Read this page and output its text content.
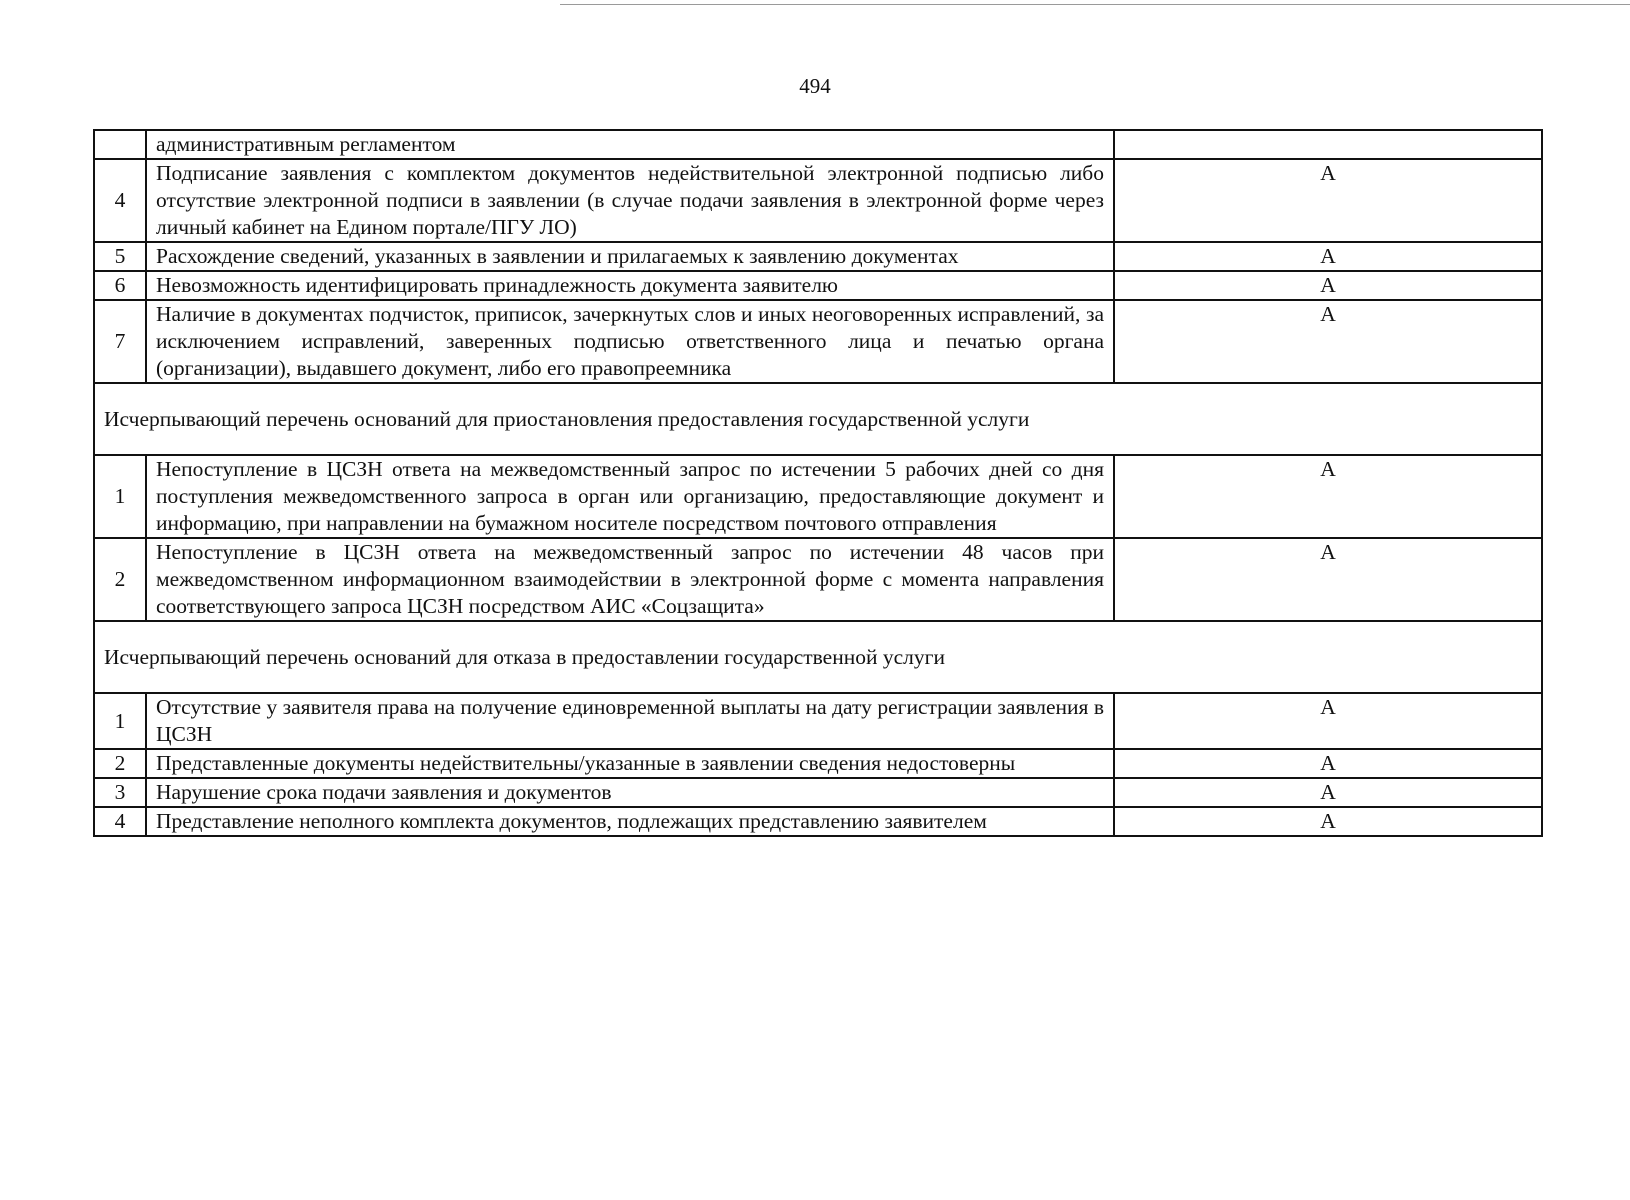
494
	административным регламентом	
4	Подписание заявления с комплектом документов недействительной электронной подписью либо отсутствие электронной подписи в заявлении (в случае подачи заявления в электронной форме через личный кабинет на Едином портале/ПГУ ЛО)	А
5	Расхождение сведений, указанных в заявлении и прилагаемых к заявлению документах	А
6	Невозможность идентифицировать принадлежность документа заявителю	А
7	Наличие в документах подчисток, приписок, зачеркнутых слов и иных неоговоренных исправлений, за исключением исправлений, заверенных подписью ответственного лица и печатью органа (организации), выдавшего документ, либо его правопреемника	А
Исчерпывающий перечень оснований для приостановления предоставления государственной услуги		
1	Непоступление в ЦСЗН ответа на межведомственный запрос по истечении 5 рабочих дней со дня поступления межведомственного запроса в орган или организацию, предоставляющие документ и информацию, при направлении на бумажном носителе посредством почтового отправления	А
2	Непоступление в ЦСЗН ответа на межведомственный запрос по истечении 48 часов при межведомственном информационном взаимодействии в электронной форме с момента направления соответствующего запроса ЦСЗН посредством АИС «Соцзащита»	А
Исчерпывающий перечень оснований для отказа в предоставлении государственной услуги		
1	Отсутствие у заявителя права на получение единовременной выплаты на дату регистрации заявления в ЦСЗН	А
2	Представленные документы недействительны/указанные в заявлении сведения недостоверны	А
3	Нарушение срока подачи заявления и документов	А
4	Представление неполного комплекта документов, подлежащих представлению заявителем	А
